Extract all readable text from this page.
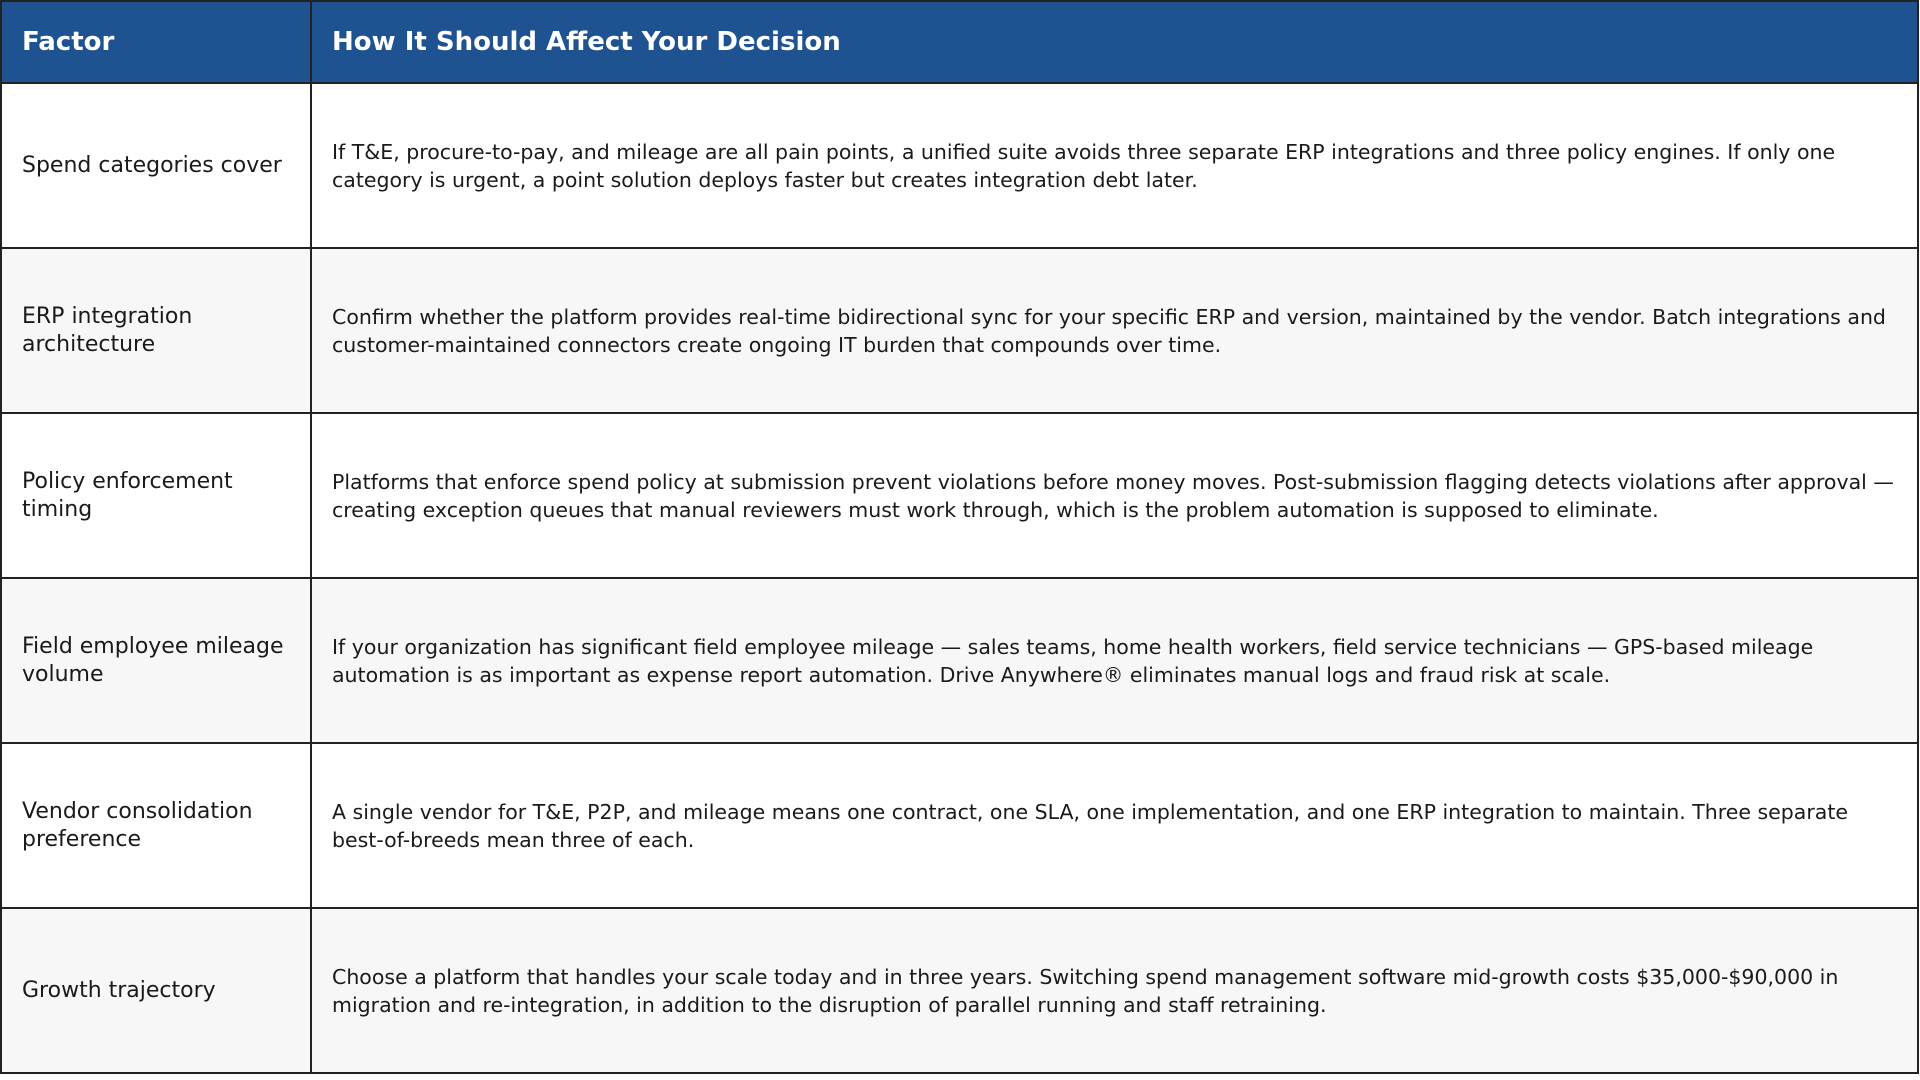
Factor	How It Should Affect Your Decision
Spend categories cover	If T&E, procure-to-pay, and mileage are all pain points, a unified suite avoids three separate ERP integrations and three policy engines. If only one category is urgent, a point solution deploys faster but creates integration debt later.
ERP integration architecture	Confirm whether the platform provides real-time bidirectional sync for your specific ERP and version, maintained by the vendor. Batch integrations and customer-maintained connectors create ongoing IT burden that compounds over time.
Policy enforcement timing	Platforms that enforce spend policy at submission prevent violations before money moves. Post-submission flagging detects violations after approval — creating exception queues that manual reviewers must work through, which is the problem automation is supposed to eliminate.
Field employee mileage volume	If your organization has significant field employee mileage — sales teams, home health workers, field service technicians — GPS-based mileage automation is as important as expense report automation. Drive Anywhere® eliminates manual logs and fraud risk at scale.
Vendor consolidation preference	A single vendor for T&E, P2P, and mileage means one contract, one SLA, one implementation, and one ERP integration to maintain. Three separate best-of-breeds mean three of each.
Growth trajectory	Choose a platform that handles your scale today and in three years. Switching spend management software mid-growth costs $35,000-$90,000 in migration and re-integration, in addition to the disruption of parallel running and staff retraining.
